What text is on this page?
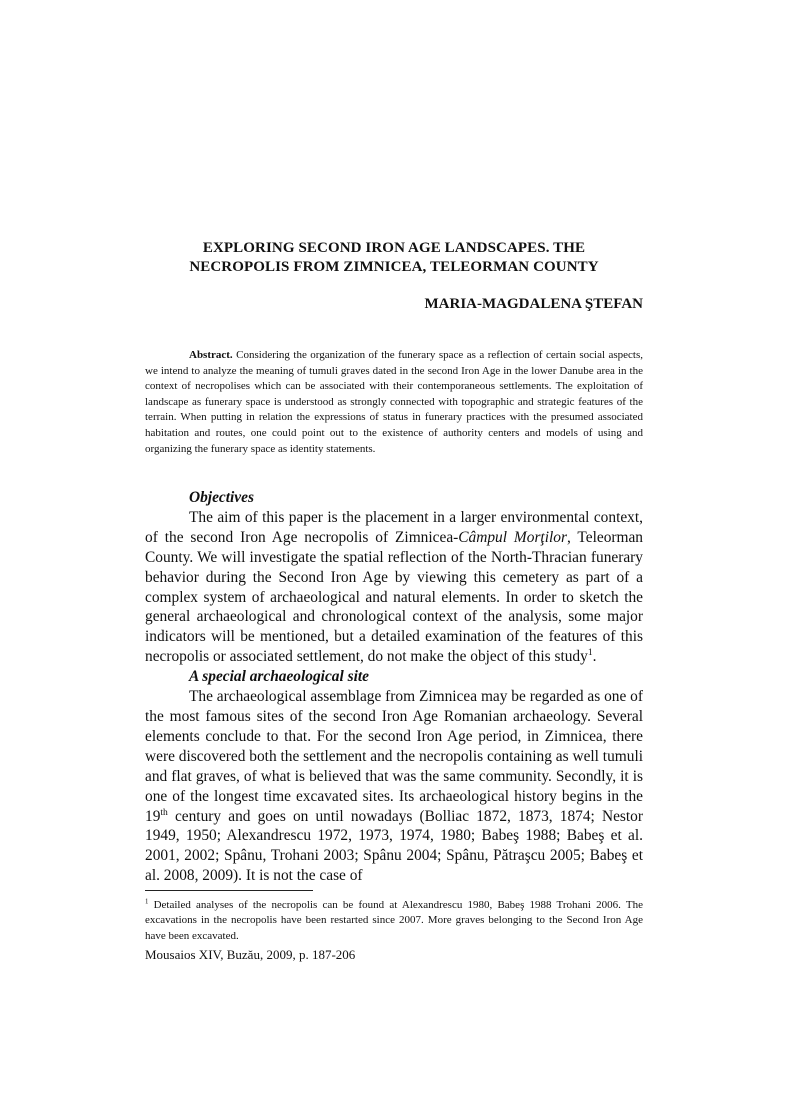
EXPLORING SECOND IRON AGE LANDSCAPES. THE
NECROPOLIS FROM ZIMNICEA, TELEORMAN COUNTY
MARIA-MAGDALENA ŞTEFAN

Abstract. Considering the organization of the funerary space as a reflection of certain social aspects, we intend to analyze the meaning of tumuli graves dated in the second Iron Age in the lower Danube area in the context of necropolises which can be associated with their contemporaneous settlements. The exploitation of landscape as funerary space is understood as strongly connected with topographic and strategic features of the terrain. When putting in relation the expressions of status in funerary practices with the presumed associated habitation and routes, one could point out to the existence of authority centers and models of using and organizing the funerary space as identity statements.

Objectives

The aim of this paper is the placement in a larger environmental context, of the second Iron Age necropolis of Zimnicea-Câmpul Morţilor, Teleorman County. We will investigate the spatial reflection of the North-Thracian funerary behavior during the Second Iron Age by viewing this cemetery as part of a complex system of archaeological and natural elements. In order to sketch the general archaeological and chronological context of the analysis, some major indicators will be mentioned, but a detailed examination of the features of this necropolis or associated settlement, do not make the object of this study$^1$.

A special archaeological site

The archaeological assemblage from Zimnicea may be regarded as one of the most famous sites of the second Iron Age Romanian archaeology. Several elements conclude to that. For the second Iron Age period, in Zimnicea, there were discovered both the settlement and the necropolis containing as well tumuli and flat graves, of what is believed that was the same community. Secondly, it is one of the longest time excavated sites. Its archaeological history begins in the 19th century and goes on until nowadays (Bolliac 1872, 1873, 1874; Nestor 1949, 1950; Alexandrescu 1972, 1973, 1974, 1980; Babeş 1988; Babeş et al. 2001, 2002; Spânu, Trohani 2003; Spânu 2004; Spânu, Pătraşcu 2005; Babeş et al. 2008, 2009). It is not the case of

$^1$ Detailed analyses of the necropolis can be found at Alexandrescu 1980, Babeş 1988 Trohani 2006. The excavations in the necropolis have been restarted since 2007. More graves belonging to the Second Iron Age have been excavated.

Mousaios XIV, Buzău, 2009, p. 187-206
